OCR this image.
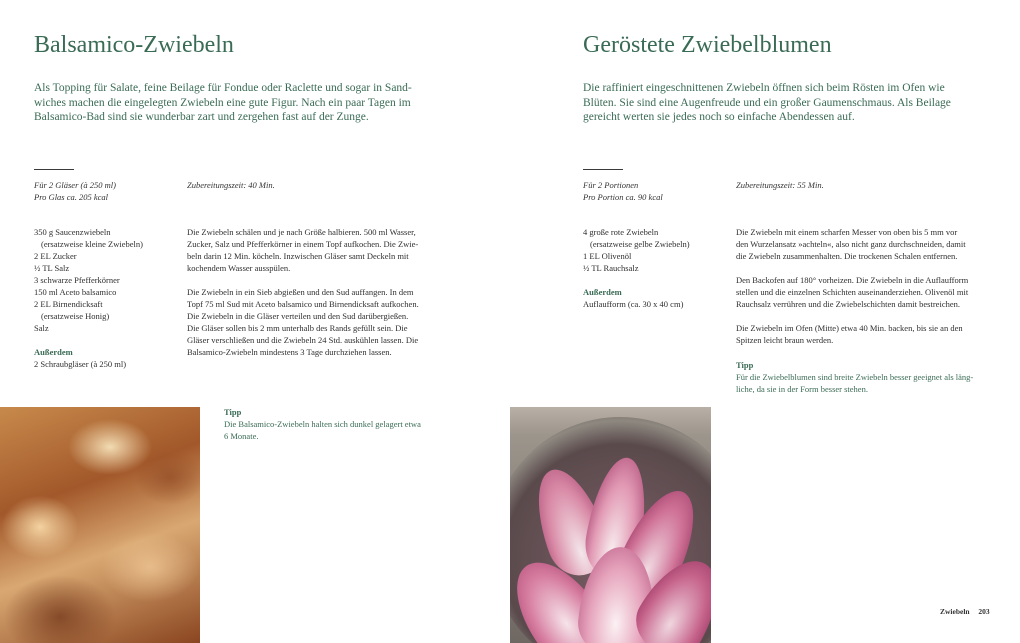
Balsamico-Zwiebeln
Als Topping für Salate, feine Beilage für Fondue oder Raclette und sogar in Sand-
wiches machen die eingelegten Zwiebeln eine gute Figur. Nach ein paar Tagen im
Balsamico-Bad sind sie wunderbar zart und zergehen fast auf der Zunge.
Für 2 Gläser (à 250 ml)
Pro Glas ca. 205 kcal
Zubereitungszeit: 40 Min.

350 g Saucenzwiebeln

(ersatzweise kleine Zwiebeln)

2 EL Zucker

½ TL Salz

3 schwarze Pfefferkörner

150 ml Aceto balsamico

2 EL Birnendicksaft

(ersatzweise Honig)

Salz

Außerdem

2 Schraubgläser (à 250 ml)

Die Zwiebeln schälen und je nach Größe halbieren. 500 ml Wasser,

Zucker, Salz und Pfefferkörner in einem Topf aufkochen. Die Zwie-

beln darin 12 Min. köcheln. Inzwischen Gläser samt Deckeln mit

kochendem Wasser ausspülen.

Die Zwiebeln in ein Sieb abgießen und den Sud auffangen. In dem

Topf 75 ml Sud mit Aceto balsamico und Birnendicksaft aufkochen.

Die Zwiebeln in die Gläser verteilen und den Sud darübergießen.

Die Gläser sollen bis 2 mm unterhalb des Rands gefüllt sein. Die

Gläser verschließen und die Zwiebeln 24 Std. auskühlen lassen. Die

Balsamico-Zwiebeln mindestens 3 Tage durchziehen lassen.

Tipp
Die Balsamico-Zwiebeln halten sich dunkel gelagert etwa
6 Monate.
Geröstete Zwiebelblumen
Die raffiniert eingeschnittenen Zwiebeln öffnen sich beim Rösten im Ofen wie
Blüten. Sie sind eine Augenfreude und ein großer Gaumenschmaus. Als Beilage
gereicht werten sie jedes noch so einfache Abendessen auf.
Für 2 Portionen
Pro Portion ca. 90 kcal
Zubereitungszeit: 55 Min.

4 große rote Zwiebeln

(ersatzweise gelbe Zwiebeln)

1 EL Olivenöl

½ TL Rauchsalz

Außerdem

Auflaufform (ca. 30 x 40 cm)

Die Zwiebeln mit einem scharfen Messer von oben bis 5 mm vor

den Wurzelansatz »achteln«, also nicht ganz durchschneiden, damit

die Zwiebeln zusammenhalten. Die trockenen Schalen entfernen.

Den Backofen auf 180° vorheizen. Die Zwiebeln in die Auflaufform

stellen und die einzelnen Schichten auseinanderziehen. Olivenöl mit

Rauchsalz verrühren und die Zwiebelschichten damit bestreichen.

Die Zwiebeln im Ofen (Mitte) etwa 40 Min. backen, bis sie an den

Spitzen leicht braun werden.

Tipp
Für die Zwiebelblumen sind breite Zwiebeln besser geeignet als läng-
liche, da sie in der Form besser stehen.
Zwiebeln 203
